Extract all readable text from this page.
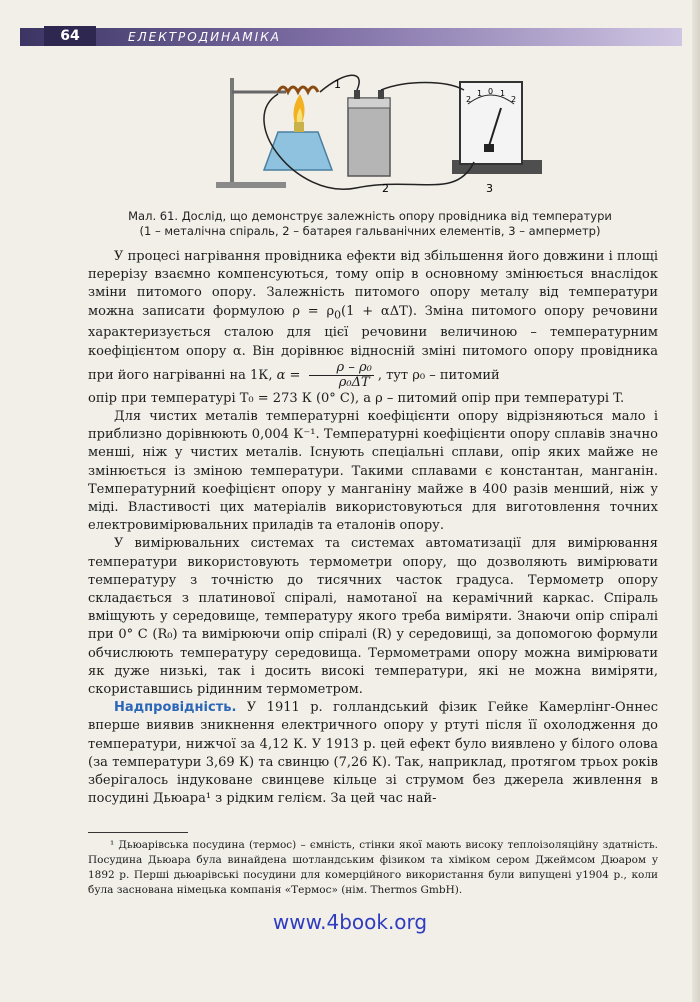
64	ЕЛЕКТРОДИНАМІКА
1
2	3
2
1 0 1
2
Мал. 61. Дослід, що демонструє залежність опору провідника від температури
(1 – металічна спіраль, 2 – батарея гальванічних елементів, 3 – амперметр)

У процесі нагрівання провідника ефекти від збільшення його довжини і площі перерізу взаємно компенсуються, тому опір в основному змінюється внаслідок зміни питомого опору. Залежність питомого опору металу від температури можна записати формулою $\rho = \rho_0(1 + \alpha\Delta T)$. Зміна питомого опору речовини характеризується сталою для цієї речовини величиною – температурним коефіцієнтом опору α. Він дорівнює відносній зміні питомого опору провідника при його нагріванні на 1К, $\alpha = \frac{\text{ρ – ρ₀}}{\text{ρ₀ΔT}}$ , тут ρ₀ – питомий

опір при температурі T₀ = 273 К (0° С), а ρ – питомий опір при температурі T.

Для чистих металів температурні коефіцієнти опору відрізняються мало і приблизно дорівнюють 0,004 К⁻¹. Температурні коефіцієнти опору сплавів значно менші, ніж у чистих металів. Існують спеціальні сплави, опір яких майже не змінюється із зміною температури. Такими сплавами є константан, манганін. Температурний коефіцієнт опору у манганіну майже в 400 разів менший, ніж у міді. Властивості цих матеріалів використовуються для виготовлення точних електровимірювальних приладів та еталонів опору.

У вимірювальних системах та системах автоматизації для вимірювання температури використовують термометри опору, що дозволяють вимірювати температуру з точністю до тисячних часток градуса. Термометр опору складається з платинової спіралі, намотаної на керамічний каркас. Спіраль вміщують у середовище, температуру якого треба виміряти. Знаючи опір спіралі при 0° С (R₀) та вимірюючи опір спіралі (R) у середовищі, за допомогою формули обчислюють температуру середовища. Термометрами опору можна вимірювати як дуже низькі, так і досить високі температури, які не можна виміряти, скориставшись рідинним термометром.

Надпровідність. У 1911 р. голландський фізик Гейке Камерлінг-Оннес вперше виявив зникнення електричного опору у ртуті після її охолодження до температури, нижчої за 4,12 К. У 1913 р. цей ефект було виявлено у білого олова (за температури 3,69 К) та свинцю (7,26 К). Так, наприклад, протягом трьох років зберігалось індуковане свинцеве кільце зі струмом без джерела живлення в посудині Дьюара¹ з рідким гелієм. За цей час най-

¹ Дьюарівська посудина (термос) – ємність, стінки якої мають високу теплоізоляційну здатність. Посудина Дьюара була винайдена шотландським фізиком та хіміком сером Джеймсом Дюаром у 1892 р. Перші дьюарівські посудини для комерційного використання були випущені у1904 р., коли була заснована німецька компанія «Термос» (нім. Thermos GmbH).

www.4book.org
